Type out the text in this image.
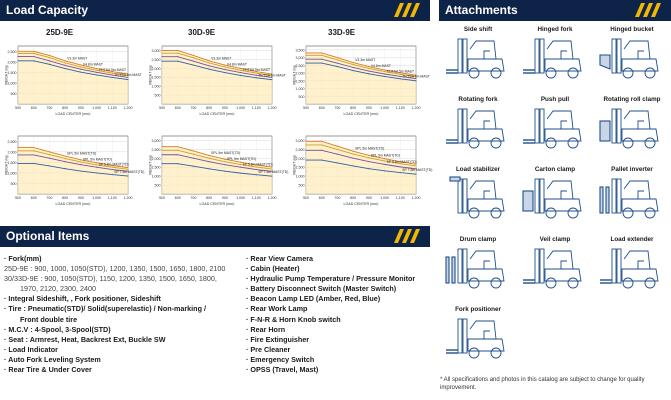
Load Capacity
25D-9E	30D-9E	33D-9E
500
1,000
1,500
2,000
2,500
500	600	700	800	900 1,000 1,100 1,200
V3.3m MAST
V4.8m MAST
TF/TSA 5m MAST
TF/TSA 6m MAST
WEIGHT (kg)
LOAD CENTER (mm)
500
1,000
1,500
2,000
2,500
3,000
500	600	700	800	900 1,000 1,100 1,200
V3.3m MAST
V4.8m MAST
TF/TSA 5m MAST
TF/TSA 6m MAST
WEIGHT (kg)
LOAD CENTER (mm)
500
1,000
1,500
2,000
2,500
3,000
3,500
500	600	700	800	900 1,000 1,100 1,200
V3.3m MAST
V4.8m MAST
TF/TSA 5m MAST
TF/TSA 6m MAST
WEIGHT (kg)
LOAD CENTER (mm)
500
1,000
1,500
2,000
2,500
500	600	700	800	900 1,000 1,100 1,200
SPL 5m MAST(TD)
SPL 5m MAST(TD)
SP 5.8m MAST(TD)
SP 7.5m MAST(TD)
WEIGHT (kg)
LOAD CENTER (mm)
500
1,000
1,500
2,000
2,500
3,000
500	600	700	800	900 1,000 1,100 1,200
SPL 5m MAST(TD)
SPL 5m MAST(TD)
SP 5.8m MAST(TD)
SP 7.5m MAST(TD)
WEIGHT (kg)
LOAD CENTER (mm)
500
1,000
1,500
2,000
2,500
3,000
500	600	700	800	900 1,000 1,100 1,200
SPL 5m MAST(TD)
SPL 5m MAST(TD)
SP 5.8m MAST(TD)
SP 7.5m MAST(TD)
WEIGHT (kg)
LOAD CENTER (mm)
Attachments
Side shift	Hinged fork	Hinged bucket
Rotating fork	Push pull	Rotating roll clamp
Load stabilizer	Carton clamp	Pallet inverter
Drum clamp	Veil clamp	Load extender
Fork positioner
* All specifications and photos in this catalog are subject to change for quality improvement.
Optional Items
· Fork(mm)
25D-9E : 900, 1000, 1050(STD), 1200, 1350, 1500, 1650, 1800, 2100
30/33D-9E : 900, 1050(STD), 1150, 1200, 1350, 1500, 1650, 1800,
1970, 2120, 2300, 2400
· Integral Sideshift, , Fork positioner, Sideshift
· Tire : Pneumatic(STD)/ Solid(superelastic) / Non-marking /
Front double tire
· M.C.V : 4-Spool, 3-Spool(STD)
· Seat : Armrest, Heat, Backrest Ext, Buckle SW
· Load Indicator
· Auto Fork Leveling System
· Rear Tire & Under Cover
· Rear View Camera
· Cabin (Heater)
· Hydraulic Pump Temperature / Pressure Monitor
· Battery Disconnect Switch (Master Switch)
· Beacon Lamp LED (Amber, Red, Blue)
· Rear Work Lamp
· F-N-R & Horn Knob switch
· Rear Horn
· Fire Extinguisher
· Pre Cleaner
· Emergency Switch
· OPSS (Travel, Mast)
